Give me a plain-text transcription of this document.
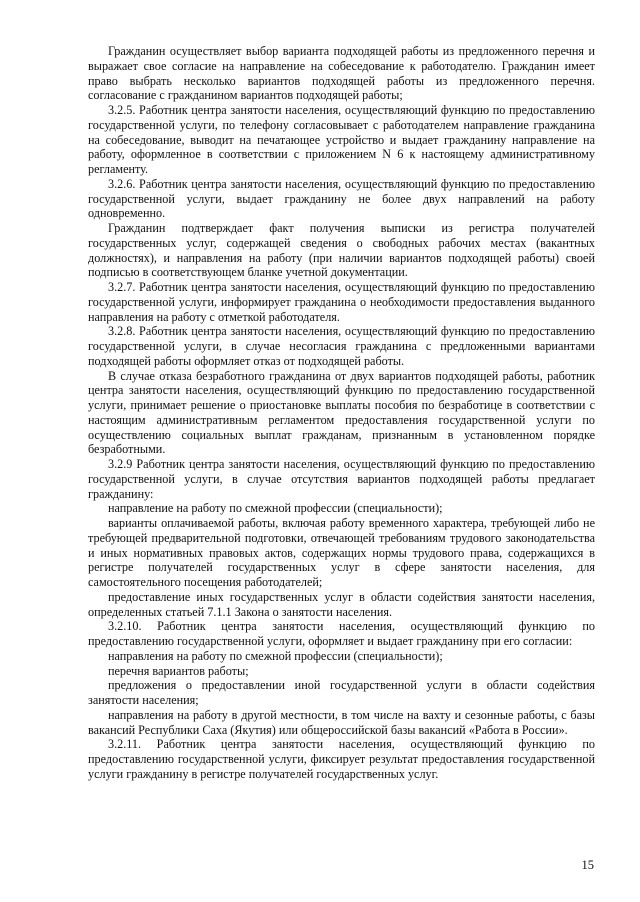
Гражданин осуществляет выбор варианта подходящей работы из предложенного перечня и выражает свое согласие на направление на собеседование к работодателю. Гражданин имеет право выбрать несколько вариантов подходящей работы из предложенного перечня. согласование с гражданином вариантов подходящей работы;

3.2.5. Работник центра занятости населения, осуществляющий функцию по предоставлению государственной услуги, по телефону согласовывает с работодателем направление гражданина на собеседование, выводит на печатающее устройство и выдает гражданину направление на работу, оформленное в соответствии с приложением N 6 к настоящему административному регламенту.

3.2.6. Работник центра занятости населения, осуществляющий функцию по предоставлению государственной услуги, выдает гражданину не более двух направлений на работу одновременно.

Гражданин подтверждает факт получения выписки из регистра получателей государственных услуг, содержащей сведения о свободных рабочих местах (вакантных должностях), и направления на работу (при наличии вариантов подходящей работы) своей подписью в соответствующем бланке учетной документации.

3.2.7. Работник центра занятости населения, осуществляющий функцию по предоставлению государственной услуги, информирует гражданина о необходимости предоставления выданного направления на работу с отметкой работодателя.

3.2.8. Работник центра занятости населения, осуществляющий функцию по предоставлению государственной услуги, в случае несогласия гражданина с предложенными вариантами подходящей работы оформляет отказ от подходящей работы.

В случае отказа безработного гражданина от двух вариантов подходящей работы, работник центра занятости населения, осуществляющий функцию по предоставлению государственной услуги, принимает решение о приостановке выплаты пособия по безработице в соответствии с настоящим административным регламентом предоставления государственной услуги по осуществлению социальных выплат гражданам, признанным в установленном порядке безработными.

3.2.9 Работник центра занятости населения, осуществляющий функцию по предоставлению государственной услуги, в случае отсутствия вариантов подходящей работы предлагает гражданину:

направление на работу по смежной профессии (специальности);

варианты оплачиваемой работы, включая работу временного характера, требующей либо не требующей предварительной подготовки, отвечающей требованиям трудового законодательства и иных нормативных правовых актов, содержащих нормы трудового права, содержащихся в регистре получателей государственных услуг в сфере занятости населения, для самостоятельного посещения работодателей;

предоставление иных государственных услуг в области содействия занятости населения, определенных статьей 7.1.1 Закона о занятости населения.

3.2.10. Работник центра занятости населения, осуществляющий функцию по предоставлению государственной услуги, оформляет и выдает гражданину при его согласии:

направления на работу по смежной профессии (специальности);

перечня вариантов работы;

предложения о предоставлении иной государственной услуги в области содействия занятости населения;

направления на работу в другой местности, в том числе на вахту и сезонные работы, с базы вакансий Республики Саха (Якутия) или общероссийской базы вакансий «Работа в России».

3.2.11. Работник центра занятости населения, осуществляющий функцию по предоставлению государственной услуги, фиксирует результат предоставления государственной услуги гражданину в регистре получателей государственных услуг.

15
